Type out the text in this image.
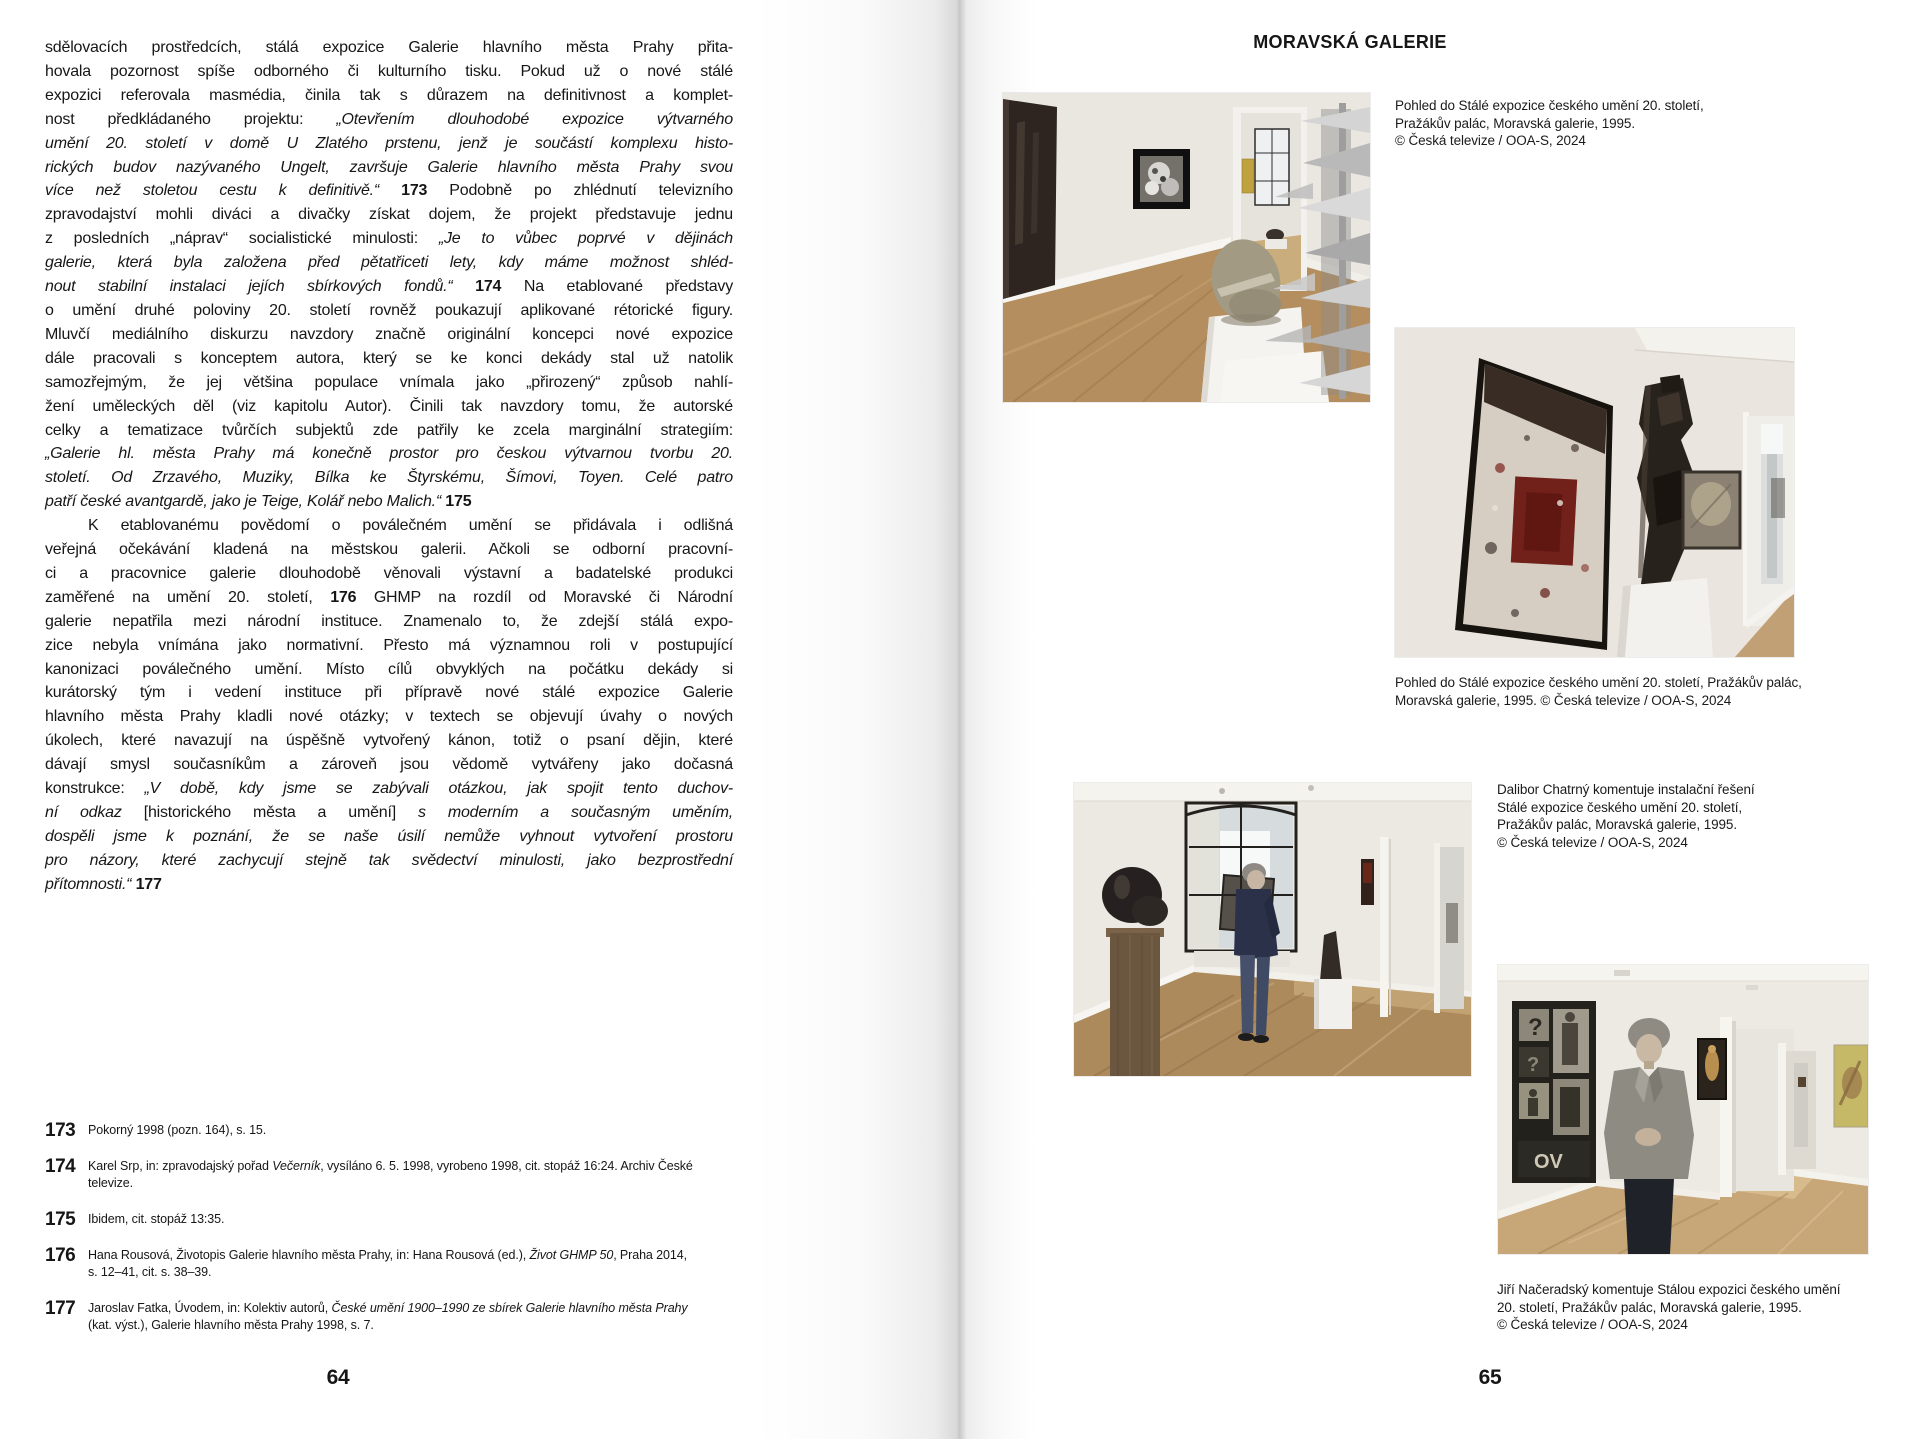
sdělovacích prostředcích, stálá expozice Galerie hlavního města Prahy přita-
hovala pozornost spíše odborného či kulturního tisku. Pokud už o nové stálé
expozici referovala masmédia, činila tak s důrazem na definitivnost a komplet-
nost předkládaného projektu: „Otevřením dlouhodobé expozice výtvarného
umění 20. století v domě U Zlatého prstenu, jenž je součástí komplexu histo-
rických budov nazývaného Ungelt, završuje Galerie hlavního města Prahy svou
více než stoletou cestu k definitivě.“ 173 Podobně po zhlédnutí televizního
zpravodajství mohli diváci a divačky získat dojem, že projekt představuje jednu
z posledních „náprav“ socialistické minulosti: „Je to vůbec poprvé v dějinách
galerie, která byla založena před pětatřiceti lety, kdy máme možnost shléd-
nout stabilní instalaci jejích sbírkových fondů.“ 174 Na etablované představy
o umění druhé poloviny 20. století rovněž poukazují aplikované rétorické figury.
Mluvčí mediálního diskurzu navzdory značně originální koncepci nové expozice
dále pracovali s konceptem autora, který se ke konci dekády stal už natolik
samozřejmým, že jej většina populace vnímala jako „přirozený“ způsob nahlí-
žení uměleckých děl (viz kapitolu Autor). Činili tak navzdory tomu, že autorské
celky a tematizace tvůrčích subjektů zde patřily ke zcela marginální strategiím:
„Galerie hl. města Prahy má konečně prostor pro českou výtvarnou tvorbu 20.
století. Od Zrzavého, Muziky, Bílka ke Štyrskému, Šímovi, Toyen. Celé patro
patří české avantgardě, jako je Teige, Kolář nebo Malich.“ 175
K etablovanému povědomí o poválečném umění se přidávala i odlišná
veřejná očekávání kladená na městskou galerii. Ačkoli se odborní pracovní-
ci a pracovnice galerie dlouhodobě věnovali výstavní a badatelské produkci
zaměřené na umění 20. století, 176 GHMP na rozdíl od Moravské či Národní
galerie nepatřila mezi národní instituce. Znamenalo to, že zdejší stálá expo-
zice nebyla vnímána jako normativní. Přesto má významnou roli v postupující
kanonizaci poválečného umění. Místo cílů obvyklých na počátku dekády si
kurátorský tým i vedení instituce při přípravě nové stálé expozice Galerie
hlavního města Prahy kladli nové otázky; v textech se objevují úvahy o nových
úkolech, které navazují na úspěšně vytvořený kánon, totiž o psaní dějin, které
dávají smysl současníkům a zároveň jsou vědomě vytvářeny jako dočasná
konstrukce: „V době, kdy jsme se zabývali otázkou, jak spojit tento duchov-
ní odkaz [historického města a umění] s moderním a současným uměním,
dospěli jsme k poznání, že se naše úsilí nemůže vyhnout vytvoření prostoru
pro názory, které zachycují stejně tak svědectví minulosti, jako bezprostřední
přítomnosti.“ 177
173	Pokorný 1998 (pozn. 164), s. 15.
174	Karel Srp, in: zpravodajský pořad Večerník, vysíláno 6. 5. 1998, vyrobeno 1998, cit. stopáž 16:24. Archiv České
televize.
175	Ibidem, cit. stopáž 13:35.
176	Hana Rousová, Životopis Galerie hlavního města Prahy, in: Hana Rousová (ed.), Život GHMP 50, Praha 2014,
s. 12–41, cit. s. 38–39.
177	Jaroslav Fatka, Úvodem, in: Kolektiv autorů, České umění 1900–1990 ze sbírek Galerie hlavního města Prahy
(kat. výst.), Galerie hlavního města Prahy 1998, s. 7.
64
MORAVSKÁ GALERIE
?
?
OV
Pohled do Stálé expozice českého umění 20. století,
Pražákův palác, Moravská galerie, 1995.
© Česká televize / OOA-S, 2024
Pohled do Stálé expozice českého umění 20. století, Pražákův palác,
Moravská galerie, 1995. © Česká televize / OOA-S, 2024
Dalibor Chatrný komentuje instalační řešení
Stálé expozice českého umění 20. století,
Pražákův palác, Moravská galerie, 1995.
© Česká televize / OOA-S, 2024
Jiří Načeradský komentuje Stálou expozici českého umění
20. století, Pražákův palác, Moravská galerie, 1995.
© Česká televize / OOA-S, 2024
65
